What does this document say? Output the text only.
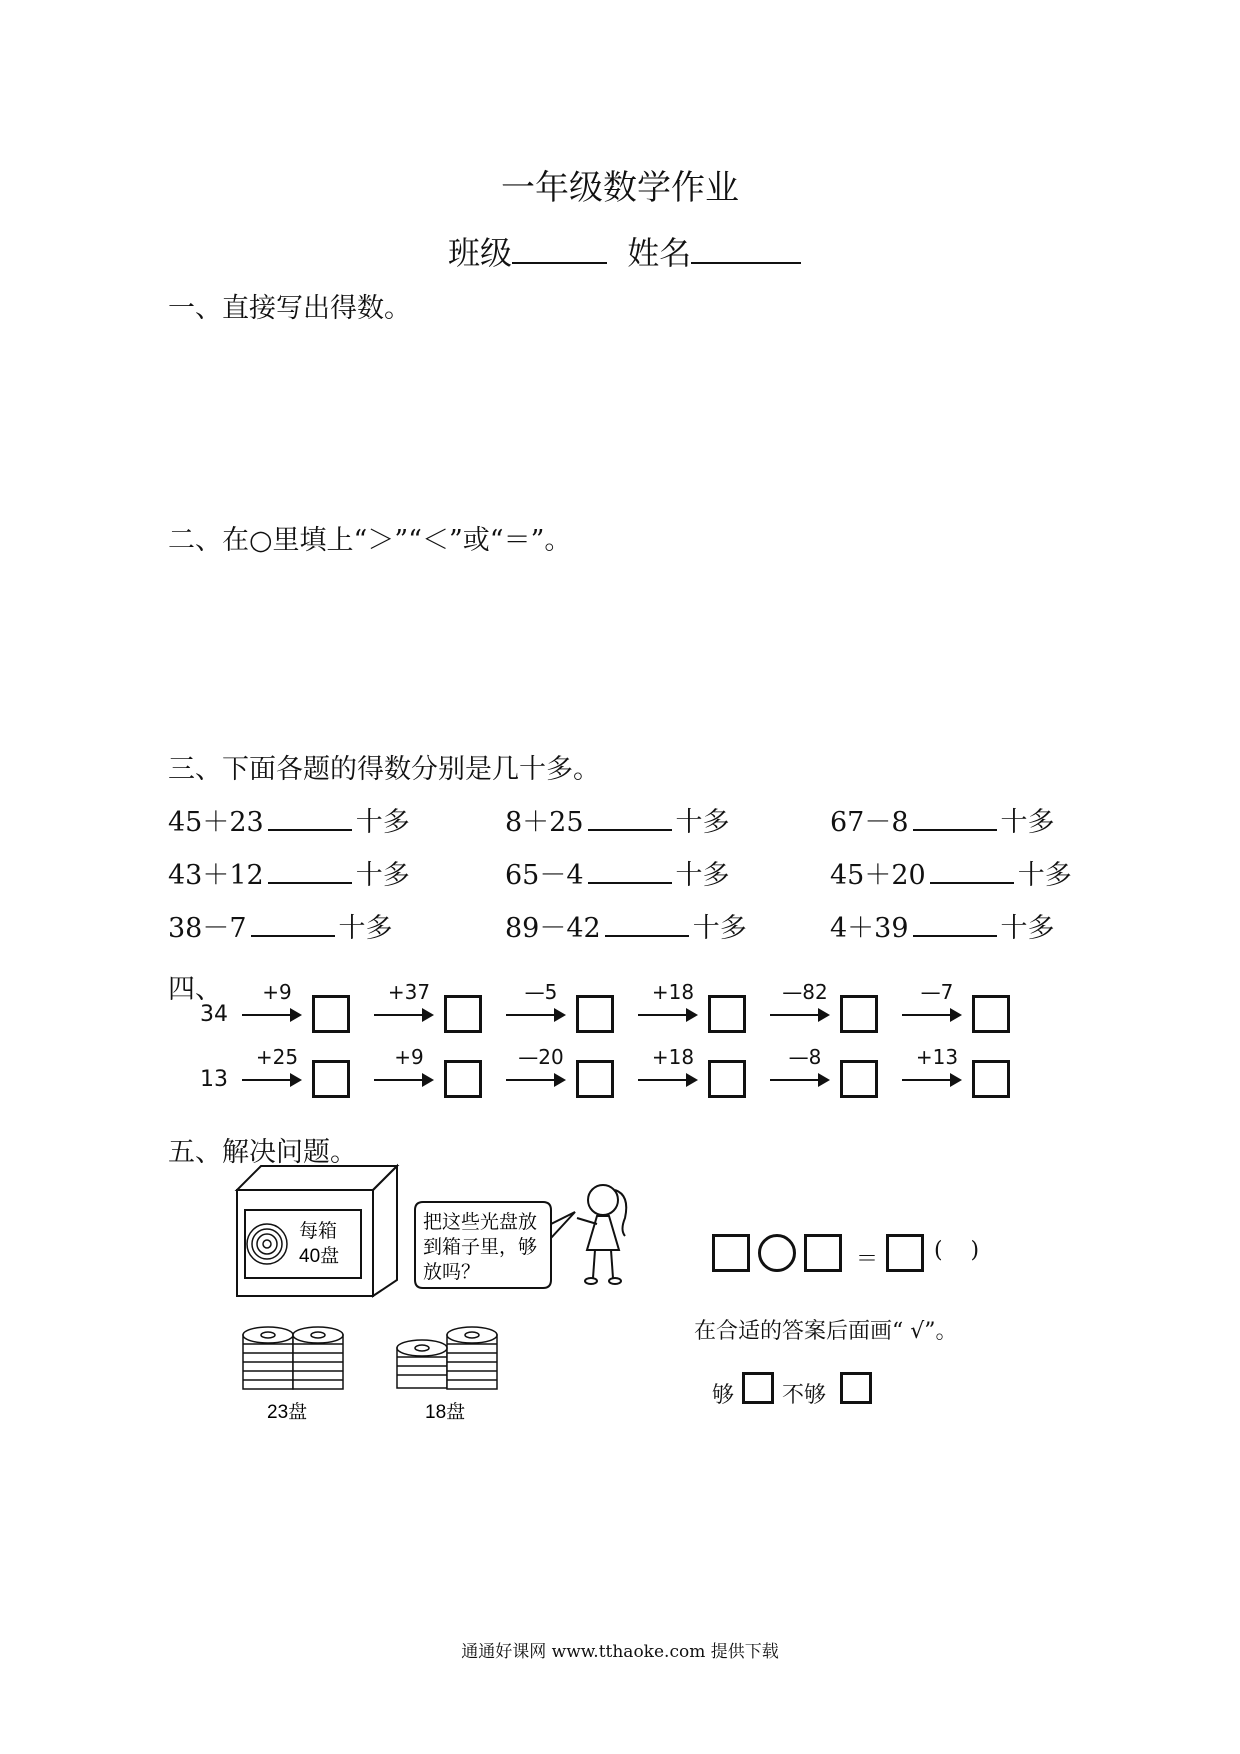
一年级数学作业
班级	姓名
一、直接写出得数。
二、在○里填上“＞”“＜”或“＝”。
三、下面各题的得数分别是几十多。
45＋23	十多	8＋25	十多	67－8	十多
43＋12	十多	65－4	十多	45＋20	十多
38－7	十多	89－42	十多	4＋39	十多
四、
34
+9	+37	—5	+18	—82	—7
13
+25	+9	—20	+18	—8	+13
五、解决问题。
每箱
40盘
把这些光盘放
到箱子里，够
放吗？
23盘	18盘
＝	(    )
在合适的答案后面画“ √”。
够 不够
通通好课网 www.tthaoke.com 提供下载
